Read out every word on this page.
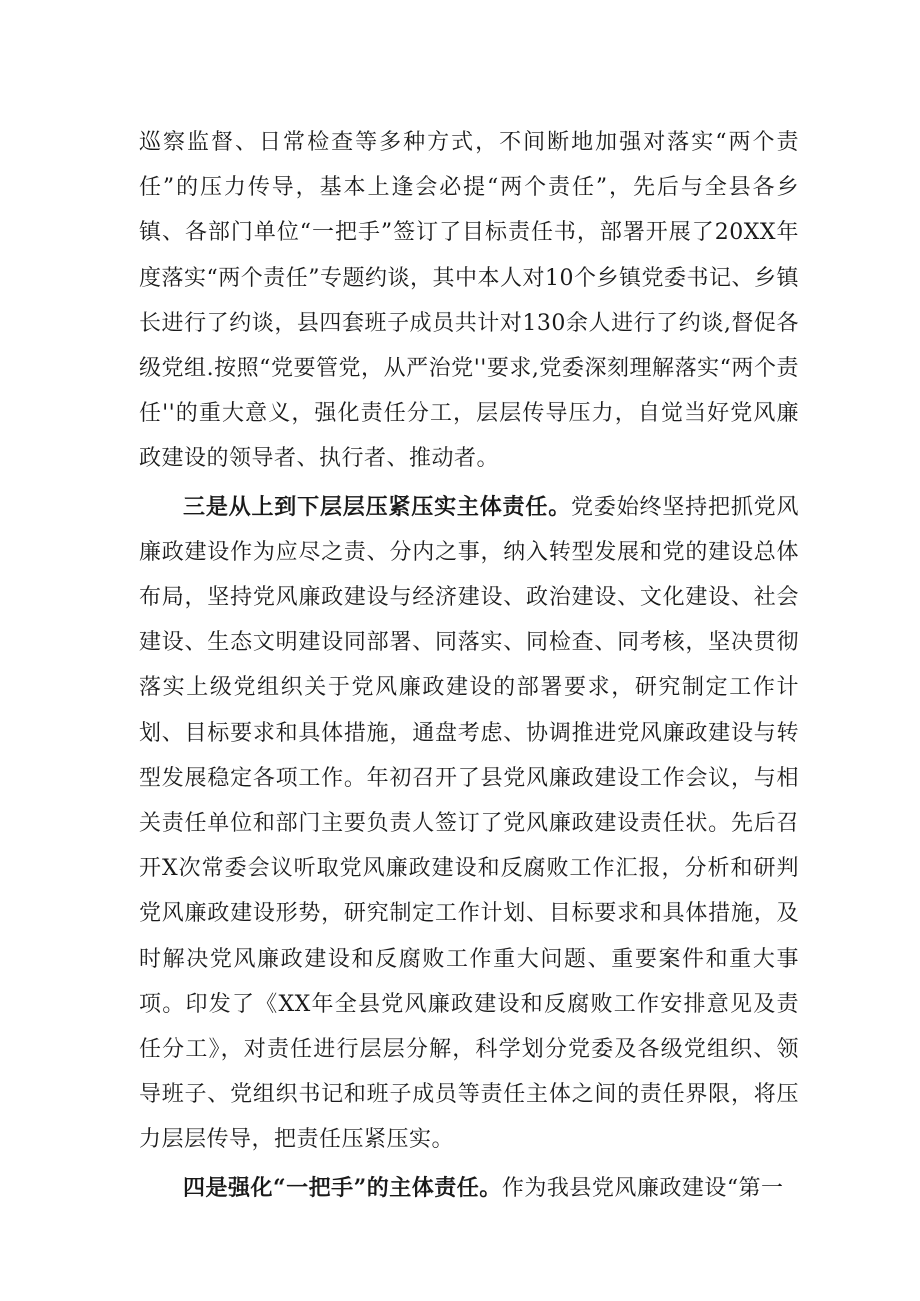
巡察监督、日常检查等多种方式，不间断地加强对落实“两个责任”的压力传导，基本上逢会必提“两个责任”，先后与全县各乡镇、各部门单位“一把手”签订了目标责任书，部署开展了20XX年度落实“两个责任”专题约谈，其中本人对10个乡镇党委书记、乡镇长进行了约谈，县四套班子成员共计对130余人进行了约谈,督促各级党组.按照“党要管党，从严治党''要求,党委深刻理解落实“两个责任''的重大意义，强化责任分工，层层传导压力，自觉当好党风廉政建设的领导者、执行者、推动者。

三是从上到下层层压紧压实主体责任。党委始终坚持把抓党风廉政建设作为应尽之责、分内之事，纳入转型发展和党的建设总体布局，坚持党风廉政建设与经济建设、政治建设、文化建设、社会建设、生态文明建设同部署、同落实、同检查、同考核，坚决贯彻落实上级党组织关于党风廉政建设的部署要求，研究制定工作计划、目标要求和具体措施，通盘考虑、协调推进党风廉政建设与转型发展稳定各项工作。年初召开了县党风廉政建设工作会议，与相关责任单位和部门主要负责人签订了党风廉政建设责任状。先后召开X次常委会议听取党风廉政建设和反腐败工作汇报，分析和研判党风廉政建设形势，研究制定工作计划、目标要求和具体措施，及时解决党风廉政建设和反腐败工作重大问题、重要案件和重大事项。印发了《XX年全县党风廉政建设和反腐败工作安排意见及责任分工》，对责任进行层层分解，科学划分党委及各级党组织、领导班子、党组织书记和班子成员等责任主体之间的责任界限，将压力层层传导，把责任压紧压实。

四是强化“一把手”的主体责任。作为我县党风廉政建设“第一
